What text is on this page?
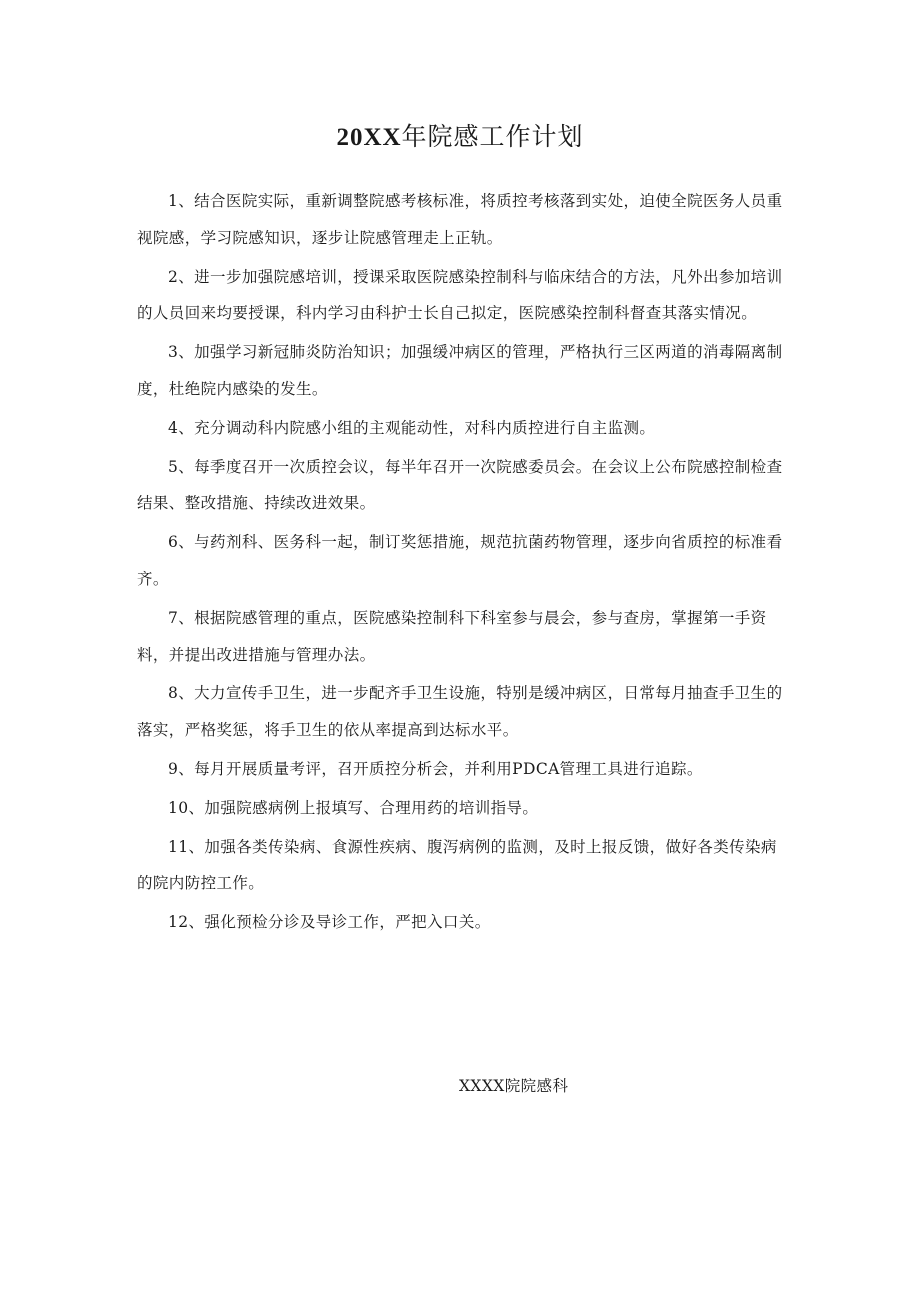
20XX年院感工作计划

1、结合医院实际，重新调整院感考核标准，将质控考核落到实处，迫使全院医务人员重视院感，学习院感知识，逐步让院感管理走上正轨。

2、进一步加强院感培训，授课采取医院感染控制科与临床结合的方法，凡外出参加培训的人员回来均要授课，科内学习由科护士长自己拟定，医院感染控制科督查其落实情况。

3、加强学习新冠肺炎防治知识；加强缓冲病区的管理，严格执行三区两道的消毒隔离制度，杜绝院内感染的发生。

4、充分调动科内院感小组的主观能动性，对科内质控进行自主监测。

5、每季度召开一次质控会议，每半年召开一次院感委员会。在会议上公布院感控制检查结果、整改措施、持续改进效果。

6、与药剂科、医务科一起，制订奖惩措施，规范抗菌药物管理，逐步向省质控的标准看齐。

7、根据院感管理的重点，医院感染控制科下科室参与晨会，参与查房，掌握第一手资料，并提出改进措施与管理办法。

8、大力宣传手卫生，进一步配齐手卫生设施，特别是缓冲病区，日常每月抽查手卫生的落实，严格奖惩，将手卫生的依从率提高到达标水平。

9、每月开展质量考评，召开质控分析会，并利用PDCA管理工具进行追踪。

10、加强院感病例上报填写、合理用药的培训指导。

11、加强各类传染病、食源性疾病、腹泻病例的监测，及时上报反馈，做好各类传染病的院内防控工作。

12、强化预检分诊及导诊工作，严把入口关。

XXXX院院感科
